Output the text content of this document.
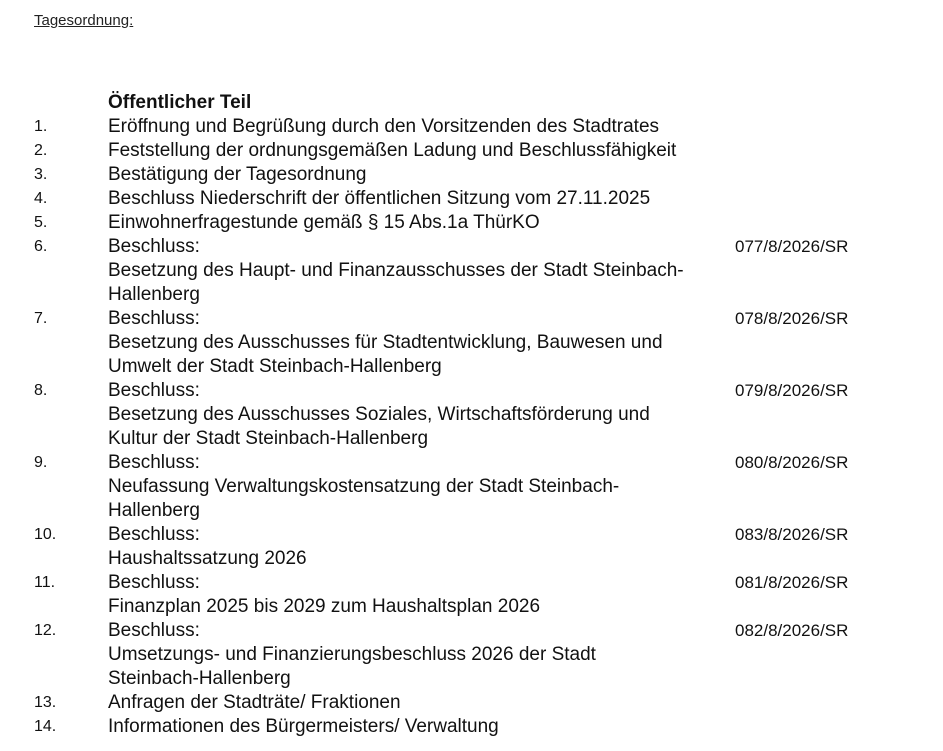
Tagesordnung:
Öffentlicher Teil
1.	Eröffnung und Begrüßung durch den Vorsitzenden des Stadtrates
2.	Feststellung der ordnungsgemäßen Ladung und Beschlussfähigkeit
3.	Bestätigung der Tagesordnung
4.	Beschluss Niederschrift der öffentlichen Sitzung vom 27.11.2025
5.	Einwohnerfragestunde gemäß § 15 Abs.1a ThürKO
6.	Beschluss:
Besetzung des Haupt- und Finanzausschusses der Stadt Steinbach-
Hallenberg
077/8/2026/SR
7.	Beschluss:
Besetzung des Ausschusses für Stadtentwicklung, Bauwesen und
Umwelt der Stadt Steinbach-Hallenberg
078/8/2026/SR
8.	Beschluss:
Besetzung des Ausschusses Soziales, Wirtschaftsförderung und
Kultur der Stadt Steinbach-Hallenberg
079/8/2026/SR
9.	Beschluss:
Neufassung Verwaltungskostensatzung der Stadt Steinbach-
Hallenberg
080/8/2026/SR
10.	Beschluss:
Haushaltssatzung 2026
083/8/2026/SR
11.	Beschluss:
Finanzplan 2025 bis 2029 zum Haushaltsplan 2026
081/8/2026/SR
12.	Beschluss:
Umsetzungs- und Finanzierungsbeschluss 2026 der Stadt
Steinbach-Hallenberg
082/8/2026/SR
13.	Anfragen der Stadträte/ Fraktionen
14.	Informationen des Bürgermeisters/ Verwaltung
